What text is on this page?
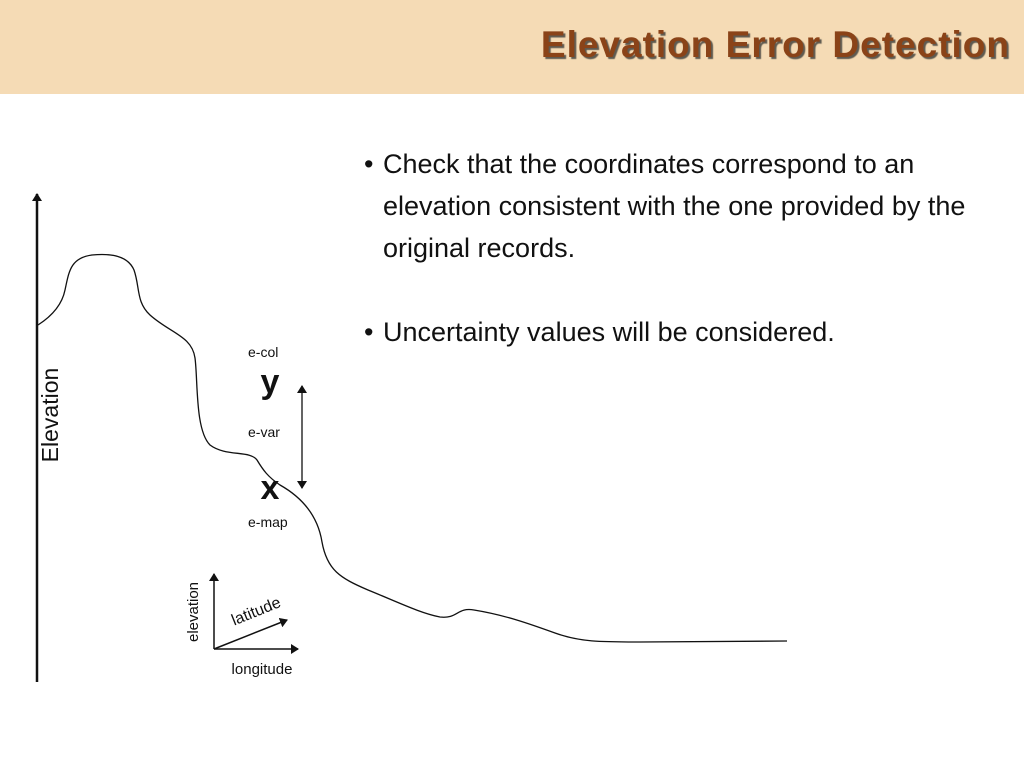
Elevation Error Detection
• Check that the coordinates correspond to an elevation consistent with the one provided by the original records.
• Uncertainty values will be considered.
Elevation
e-col
y
e-var
x
e-map
elevation
longitude
latitude
